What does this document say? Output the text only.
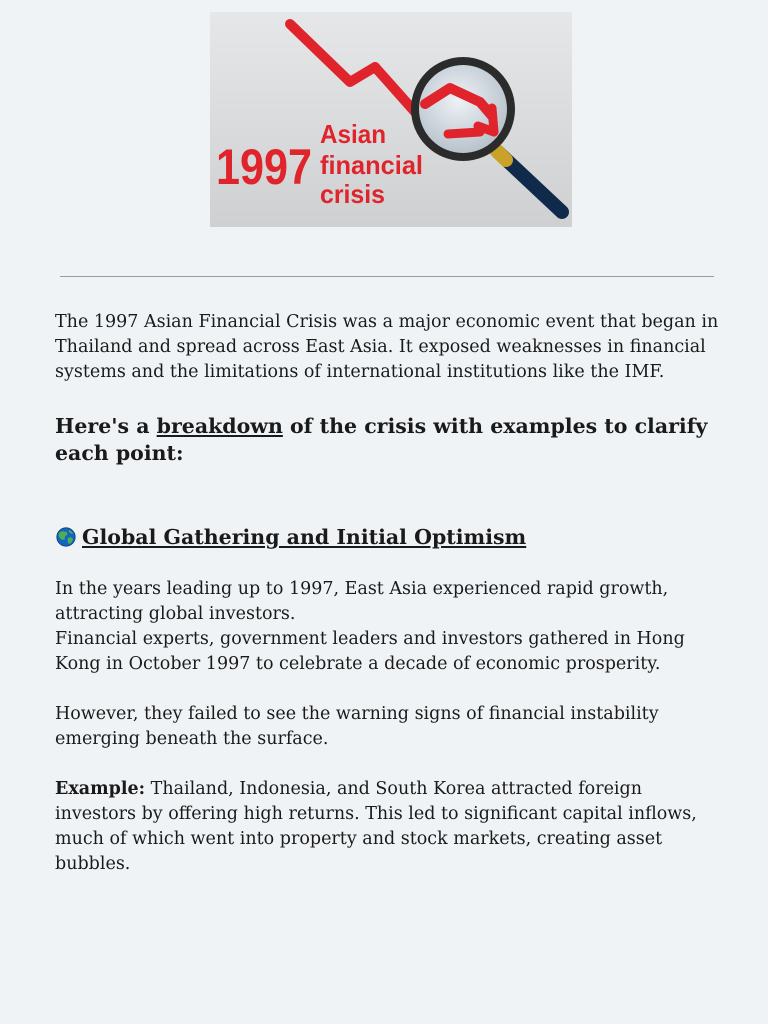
1997
Asian
financial
crisis

The 1997 Asian Financial Crisis was a major economic event that began in Thailand and spread across East Asia. It exposed weaknesses in financial systems and the limitations of international institutions like the IMF.

Here's a breakdown of the crisis with examples to clarify each point:

Global Gathering and Initial Optimism

In the years leading up to 1997, East Asia experienced rapid growth, attracting global investors.

Financial experts, government leaders and investors gathered in Hong Kong in October 1997 to celebrate a decade of economic prosperity.

However, they failed to see the warning signs of financial instability emerging beneath the surface.

Example: Thailand, Indonesia, and South Korea attracted foreign investors by offering high returns. This led to significant capital inflows, much of which went into property and stock markets, creating asset bubbles.
